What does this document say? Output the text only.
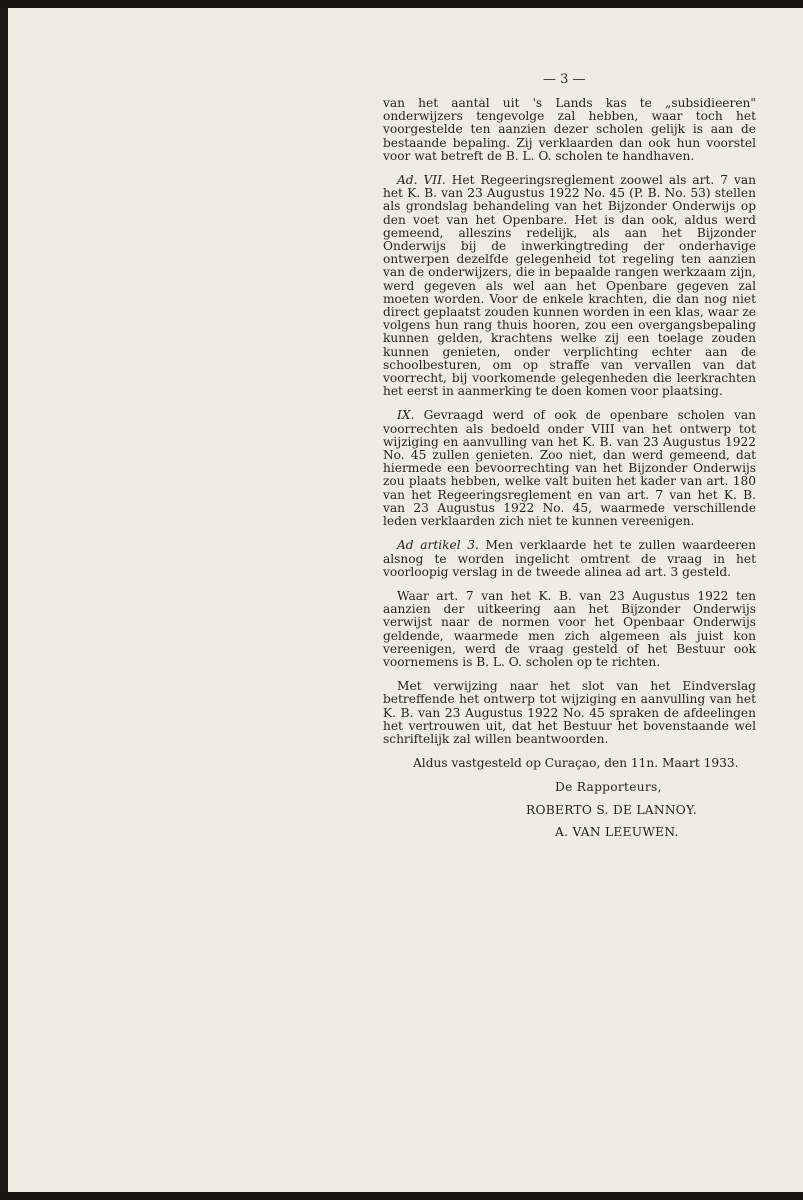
— 3 —

van het aantal uit 's Lands kas te „subsidieeren" onderwijzers tengevolge zal hebben, waar toch het voorgestelde ten aanzien dezer scholen gelijk is aan de bestaande bepaling. Zij verklaarden dan ook hun voorstel voor wat betreft de B. L. O. scholen te handhaven.

Ad. VII. Het Regeeringsreglement zoowel als art. 7 van het K. B. van 23 Augustus 1922 No. 45 (P. B. No. 53) stellen als grondslag behandeling van het Bijzonder Onderwijs op den voet van het Openbare. Het is dan ook, aldus werd gemeend, alleszins redelijk, als aan het Bijzonder Onderwijs bij de inwerkingtreding der onderhavige ontwerpen dezelfde gelegenheid tot regeling ten aanzien van de onderwijzers, die in bepaalde rangen werkzaam zijn, werd gegeven als wel aan het Openbare gegeven zal moeten worden. Voor de enkele krachten, die dan nog niet direct geplaatst zouden kunnen worden in een klas, waar ze volgens hun rang thuis hooren, zou een overgangsbepaling kunnen gelden, krachtens welke zij een toelage zouden kunnen genieten, onder verplichting echter aan de schoolbesturen, om op straffe van vervallen van dat voorrecht, bij voorkomende gelegenheden die leerkrachten het eerst in aanmerking te doen komen voor plaatsing.

IX. Gevraagd werd of ook de openbare scholen van voorrechten als bedoeld onder VIII van het ontwerp tot wijziging en aanvulling van het K. B. van 23 Augustus 1922 No. 45 zullen genieten. Zoo niet, dan werd gemeend, dat hiermede een bevoorrechting van het Bijzonder Onderwijs zou plaats hebben, welke valt buiten het kader van art. 180 van het Regeeringsreglement en van art. 7 van het K. B. van 23 Augustus 1922 No. 45, waarmede verschillende leden verklaarden zich niet te kunnen vereenigen.

Ad artikel 3. Men verklaarde het te zullen waardeeren alsnog te worden ingelicht omtrent de vraag in het voorloopig verslag in de tweede alinea ad art. 3 gesteld.

Waar art. 7 van het K. B. van 23 Augustus 1922 ten aanzien der uitkeering aan het Bijzonder Onderwijs verwijst naar de normen voor het Openbaar Onderwijs geldende, waarmede men zich algemeen als juist kon vereenigen, werd de vraag gesteld of het Bestuur ook voornemens is B. L. O. scholen op te richten.

Met verwijzing naar het slot van het Eindverslag betreffende het ontwerp tot wijziging en aanvulling van het K. B. van 23 Augustus 1922 No. 45 spraken de afdeelingen het vertrouwen uit, dat het Bestuur het bovenstaande wel schriftelijk zal willen beantwoorden.

Aldus vastgesteld op Curaçao, den 11n. Maart 1933.

De Rapporteurs,

ROBERTO S. DE LANNOY.

A. VAN LEEUWEN.
